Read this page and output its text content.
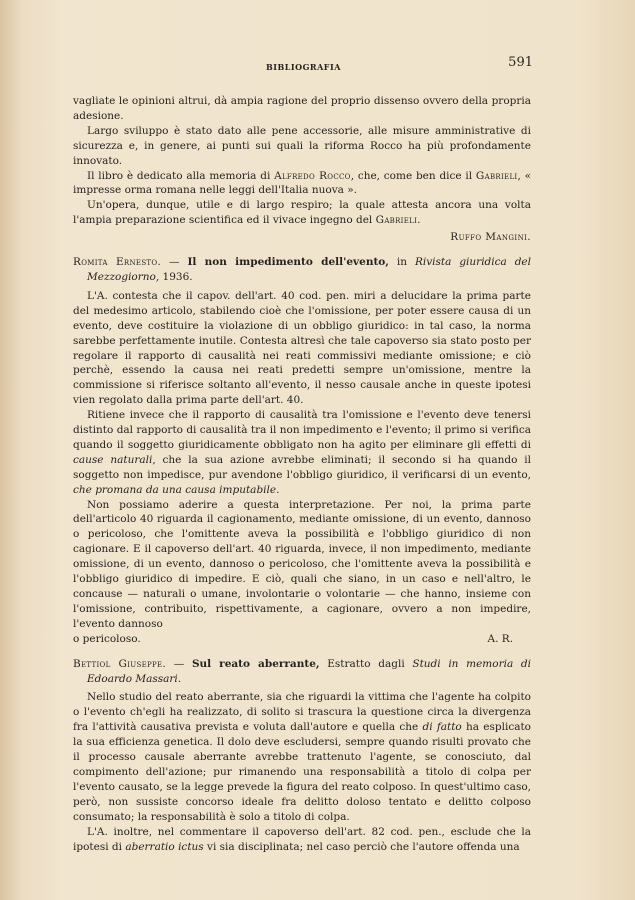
BIBLIOGRAFIA	591

vagliate le opinioni altrui, dà ampia ragione del proprio dissenso ovvero della propria adesione.

Largo sviluppo è stato dato alle pene accessorie, alle misure amministrative di sicurezza e, in genere, ai punti sui quali la riforma Rocco ha più profondamente innovato.

Il libro è dedicato alla memoria di Alfredo Rocco, che, come ben dice il Gabrieli, « impresse orma romana nelle leggi dell'Italia nuova ».

Un'opera, dunque, utile e di largo respiro; la quale attesta ancora una volta l'ampia preparazione scientifica ed il vivace ingegno del Gabrieli.

Ruffo Mangini.

Romita Ernesto. — Il non impedimento dell'evento, in Rivista giuridica del Mezzogiorno, 1936.

L'A. contesta che il capov. dell'art. 40 cod. pen. miri a delucidare la prima parte del medesimo articolo, stabilendo cioè che l'omissione, per poter essere causa di un evento, deve costituire la violazione di un obbligo giuridico: in tal caso, la norma sarebbe perfettamente inutile. Contesta altresì che tale capoverso sia stato posto per regolare il rapporto di causalità nei reati commissivi mediante omissione; e ciò perchè, essendo la causa nei reati predetti sempre un'omissione, mentre la commissione si riferisce soltanto all'evento, il nesso causale anche in queste ipotesi vien regolato dalla prima parte dell'art. 40.

Ritiene invece che il rapporto di causalità tra l'omissione e l'evento deve tenersi distinto dal rapporto di causalità tra il non impedimento e l'evento; il primo si verifica quando il soggetto giuridicamente obbligato non ha agito per eliminare gli effetti di cause naturali, che la sua azione avrebbe eliminati; il secondo si ha quando il soggetto non impedisce, pur avendone l'obbligo giuridico, il verificarsi di un evento, che promana da una causa imputabile.

Non possiamo aderire a questa interpretazione. Per noi, la prima parte dell'articolo 40 riguarda il cagionamento, mediante omissione, di un evento, dannoso o pericoloso, che l'omittente aveva la possibilità e l'obbligo giuridico di non cagionare. E il capoverso dell'art. 40 riguarda, invece, il non impedimento, mediante omissione, di un evento, dannoso o pericoloso, che l'omittente aveva la possibilità e l'obbligo giuridico di impedire. E ciò, quali che siano, in un caso e nell'altro, le concause — naturali o umane, involontarie o volontarie — che hanno, insieme con l'omissione, contribuito, rispettivamente, a cagionare, ovvero a non impedire, l'evento dannoso

o pericoloso.	A. R.

Bettiol Giuseppe. — Sul reato aberrante, Estratto dagli Studi in memoria di Edoardo Massari.

Nello studio del reato aberrante, sia che riguardi la vittima che l'agente ha colpito o l'evento ch'egli ha realizzato, di solito si trascura la questione circa la divergenza fra l'attività causativa prevista e voluta dall'autore e quella che di fatto ha esplicato la sua efficienza genetica. Il dolo deve escludersi, sempre quando risulti provato che il processo causale aberrante avrebbe trattenuto l'agente, se conosciuto, dal compimento dell'azione; pur rimanendo una responsabilità a titolo di colpa per l'evento causato, se la legge prevede la figura del reato colposo. In quest'ultimo caso, però, non sussiste concorso ideale fra delitto doloso tentato e delitto colposo consumato; la responsabilità è solo a titolo di colpa.

L'A. inoltre, nel commentare il capoverso dell'art. 82 cod. pen., esclude che la ipotesi di aberratio ictus vi sia disciplinata; nel caso perciò che l'autore offenda una
